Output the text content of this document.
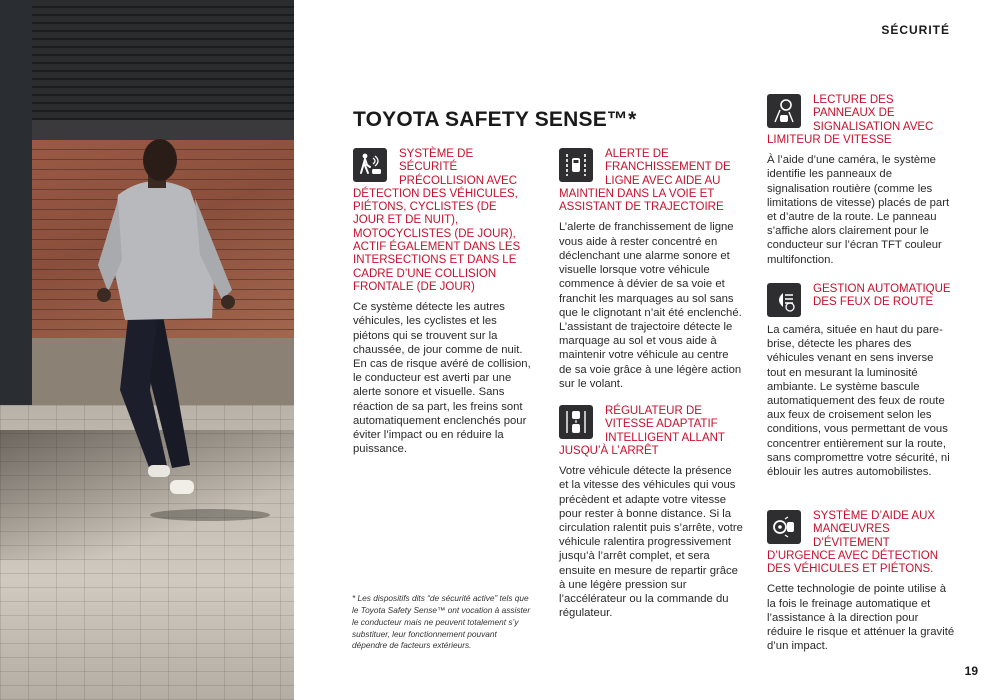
SÉCURITÉ
19
TOYOTA SAFETY SENSE™*

SYSTÈME DE SÉCURITÉ PRÉCOLLISION AVEC DÉTECTION DES VÉHICULES, PIÉTONS, CYCLISTES (DE JOUR ET DE NUIT), MOTOCYCLISTES (DE JOUR), ACTIF ÉGALEMENT DANS LES INTERSECTIONS ET DANS LE CADRE D’UNE COLLISION FRONTALE (DE JOUR)

Ce système détecte les autres véhicules, les cyclistes et les piétons qui se trouvent sur la chaussée, de jour comme de nuit. En cas de risque avéré de collision, le conducteur est averti par une alerte sonore et visuelle. Sans réaction de sa part, les freins sont automatiquement enclenchés pour éviter l’impact ou en réduire la puissance.

ALERTE DE FRANCHISSEMENT DE LIGNE AVEC AIDE AU MAINTIEN DANS LA VOIE ET ASSISTANT DE TRAJECTOIRE

L’alerte de franchissement de ligne vous aide à rester concentré en déclenchant une alarme sonore et visuelle lorsque votre véhicule commence à dévier de sa voie et franchit les marquages au sol sans que le clignotant n’ait été enclenché. L’assistant de trajectoire détecte le marquage au sol et vous aide à maintenir votre véhicule au centre de sa voie grâce à une légère action sur le volant.

RÉGULATEUR DE VITESSE ADAPTATIF INTELLIGENT ALLANT JUSQU’À L’ARRÊT

Votre véhicule détecte la présence et la vitesse des véhicules qui vous précèdent et adapte votre vitesse pour rester à bonne distance. Si la circulation ralentit puis s’arrête, votre véhicule ralentira progressivement jusqu’à l’arrêt complet, et sera ensuite en mesure de repartir grâce à une légère pression sur l’accélérateur ou la commande du régulateur.

LECTURE DES PANNEAUX DE SIGNALISATION AVEC LIMITEUR DE VITESSE

À l’aide d’une caméra, le système identifie les panneaux de signalisation routière (comme les limitations de vitesse) placés de part et d’autre de la route. Le panneau s’affiche alors clairement pour le conducteur sur l’écran TFT couleur multifonction.

GESTION AUTOMATIQUE DES FEUX DE ROUTE

La caméra, située en haut du pare-brise, détecte les phares des véhicules venant en sens inverse tout en mesurant la luminosité ambiante. Le système bascule automatiquement des feux de route aux feux de croisement selon les conditions, vous permettant de vous concentrer entièrement sur la route, sans compromettre votre sécurité, ni éblouir les autres automobilistes.

SYSTÈME D’AIDE AUX MANŒUVRES D’ÉVITEMENT D’URGENCE AVEC DÉTECTION DES VÉHICULES ET PIÉTONS.

Cette technologie de pointe utilise à la fois le freinage automatique et l’assistance à la direction pour réduire le risque et atténuer la gravité d’un impact.

* Les dispositifs dits “de sécurité active” tels que le Toyota Safety Sense™ ont vocation à assister le conducteur mais ne peuvent totalement s’y substituer, leur fonctionnement pouvant dépendre de facteurs extérieurs.
